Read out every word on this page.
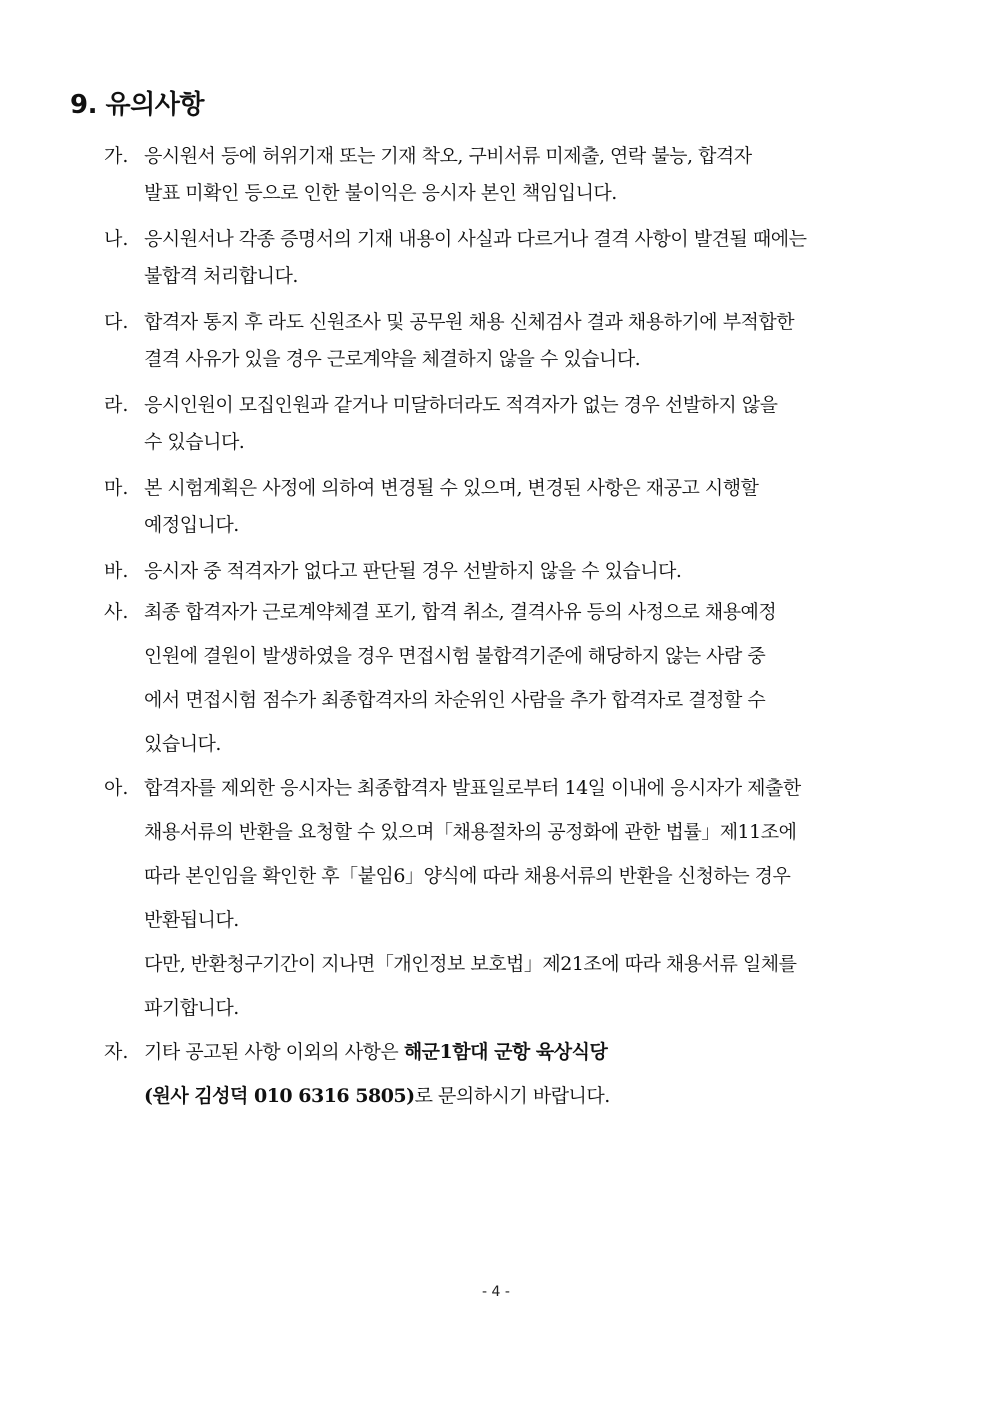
9. 유의사항
가. 응시원서 등에 허위기재 또는 기재 착오, 구비서류 미제출, 연락 불능, 합격자
발표 미확인 등으로 인한 불이익은 응시자 본인 책임입니다.
나. 응시원서나 각종 증명서의 기재 내용이 사실과 다르거나 결격 사항이 발견될 때에는
불합격 처리합니다.
다. 합격자 통지 후 라도 신원조사 및 공무원 채용 신체검사 결과 채용하기에 부적합한
결격 사유가 있을 경우 근로계약을 체결하지 않을 수 있습니다.
라. 응시인원이 모집인원과 같거나 미달하더라도 적격자가 없는 경우 선발하지 않을
수 있습니다.
마. 본 시험계획은 사정에 의하여 변경될 수 있으며, 변경된 사항은 재공고 시행할
예정입니다.
바. 응시자 중 적격자가 없다고 판단될 경우 선발하지 않을 수 있습니다.
사. 최종 합격자가 근로계약체결 포기, 합격 취소, 결격사유 등의 사정으로 채용예정
인원에 결원이 발생하였을 경우 면접시험 불합격기준에 해당하지 않는 사람 중
에서 면접시험 점수가 최종합격자의 차순위인 사람을 추가 합격자로 결정할 수
있습니다.
아. 합격자를 제외한 응시자는 최종합격자 발표일로부터 14일 이내에 응시자가 제출한
채용서류의 반환을 요청할 수 있으며「채용절차의 공정화에 관한 법률」제11조에
따라 본인임을 확인한 후「붙임6」양식에 따라 채용서류의 반환을 신청하는 경우
반환됩니다.
다만, 반환청구기간이 지나면「개인정보 보호법」제21조에 따라 채용서류 일체를
파기합니다.
자. 기타 공고된 사항 이외의 사항은 해군1함대 군항 육상식당
(원사 김성덕 010 6316 5805)로 문의하시기 바랍니다.
- 4 -
